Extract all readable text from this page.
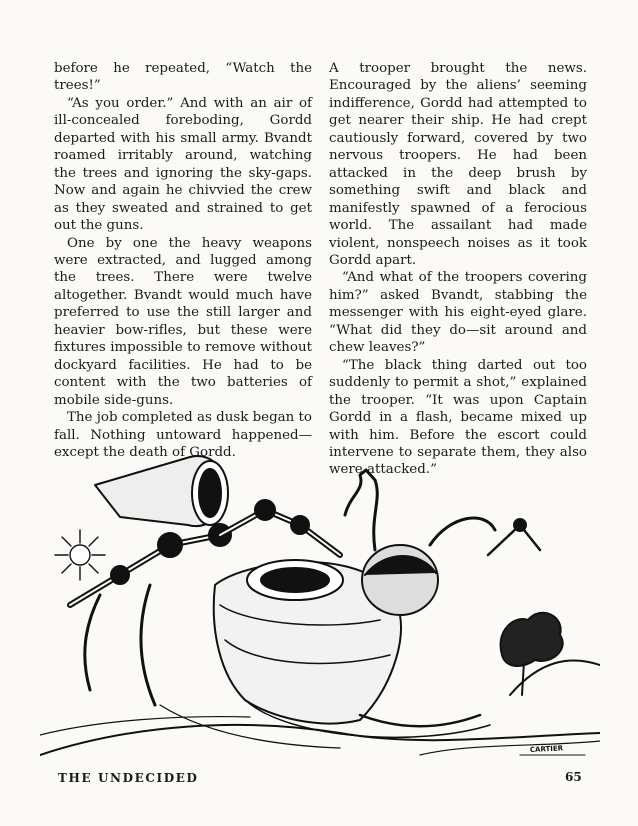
before he repeated, “Watch the trees!”

“As you order.” And with an air of ill-concealed foreboding, Gordd departed with his small army. Bvandt roamed irritably around, watching the trees and ignoring the sky-gaps. Now and again he chivvied the crew as they sweated and strained to get out the guns.

One by one the heavy weapons were extracted, and lugged among the trees. There were twelve altogether. Bvandt would much have preferred to use the still larger and heavier bow-rifles, but these were fixtures impossible to remove without dockyard facilities. He had to be content with the two batteries of mobile side-guns.

The job completed as dusk began to fall. Nothing untoward happened—except the death of Gordd.

A trooper brought the news. Encouraged by the aliens’ seeming indifference, Gordd had attempted to get nearer their ship. He had crept cautiously forward, covered by two nervous troopers. He had been attacked in the deep brush by something swift and black and manifestly spawned of a ferocious world. The assailant had made violent, nonspeech noises as it took Gordd apart.

“And what of the troopers covering him?” asked Bvandt, stabbing the messenger with his eight-eyed glare. “What did they do—sit around and chew leaves?”

“The black thing darted out too suddenly to permit a shot,” explained the trooper. “It was upon Captain Gordd in a flash, became mixed up with him. Before the escort could intervene to separate them, they also were attacked.”

CARTIER
THE UNDECIDED	65
